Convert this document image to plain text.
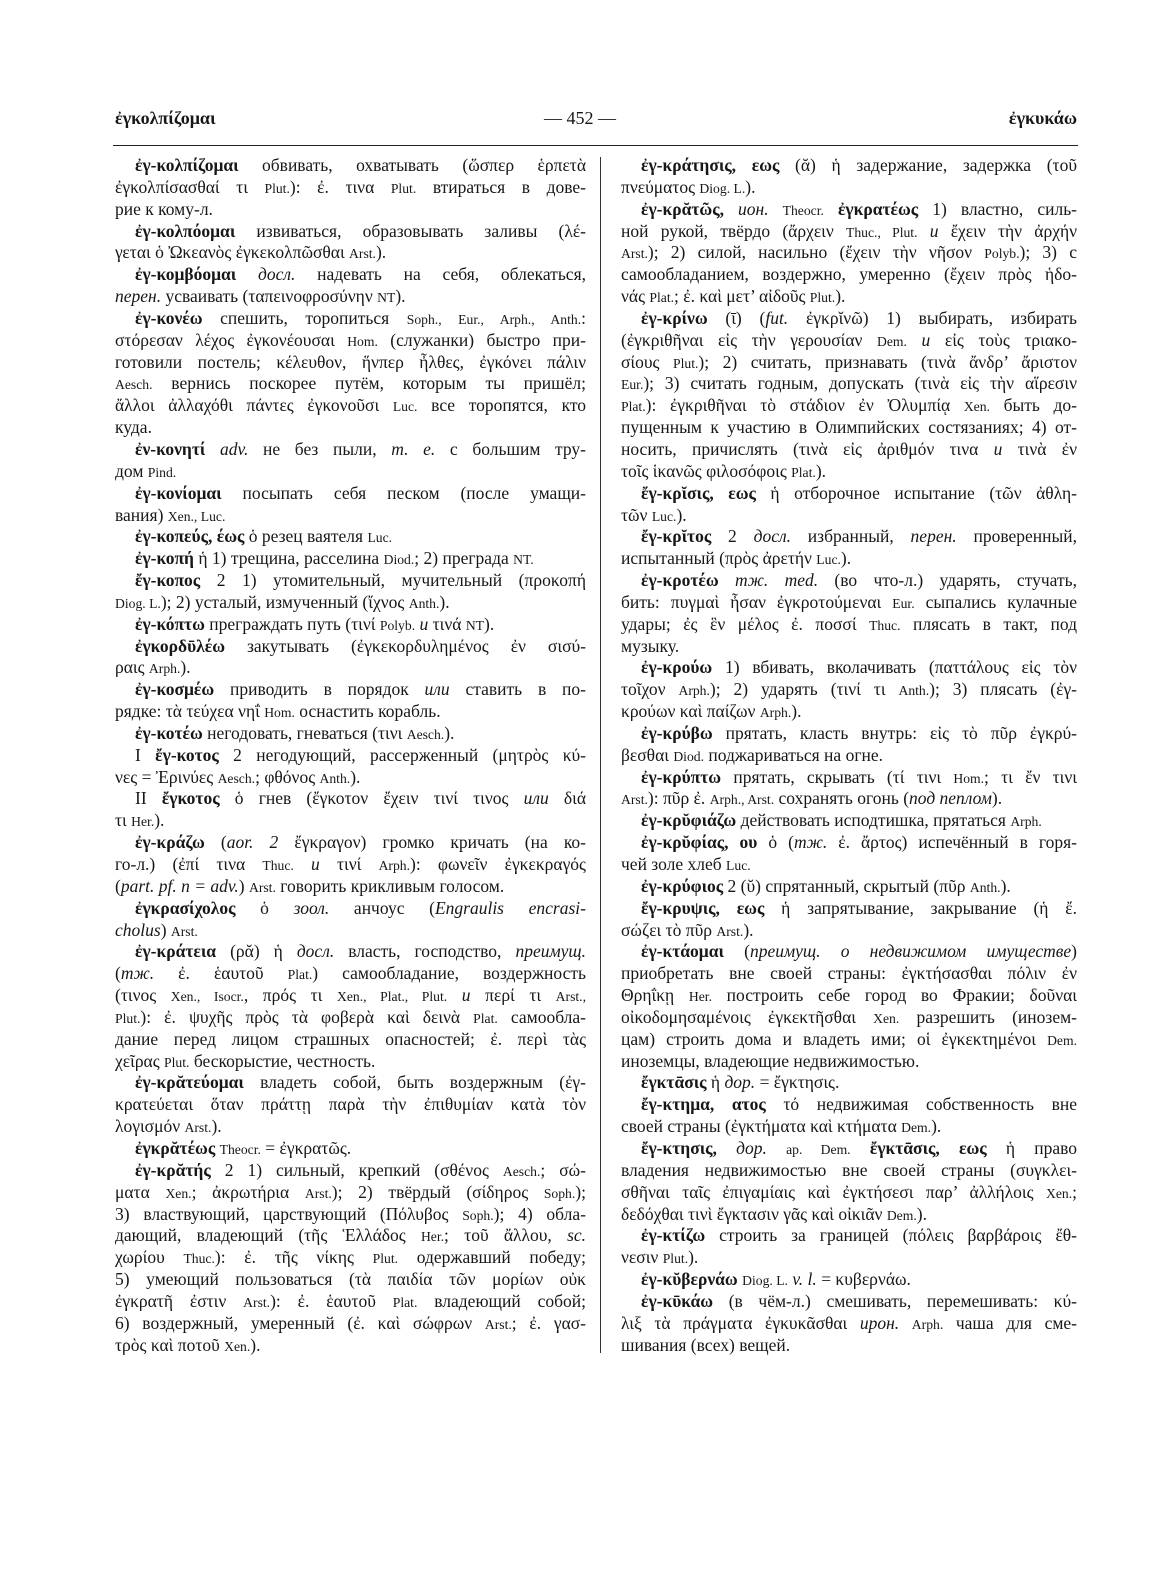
ἐγκολπίζομαι	— 452 —	ἐγκυκάω
ἐγ-κολπίζομαι обвивать, охватывать (ὥσπερ ἑρπετὰ
ἐγκολπίσασθαί τι Plut.): ἐ. τινα Plut. втираться в дове-
рие к кому-л.
ἐγ-κολπόομαι извиваться, образовывать заливы (λέ-
γεται ὁ Ὠκεανὸς ἐγκεκολπῶσθαι Arst.).
ἐγ-κομβόομαι досл. надевать на себя, облекаться,
перен. усваивать (ταπεινοφροσύνην NT).
ἐγ-κονέω спешить, торопиться Soph., Eur., Arph., Anth.:
στόρεσαν λέχος ἐγκονέουσαι Hom. (служанки) быстро при-
готовили постель; κέλευθον, ἥνπερ ἦλθες, ἐγκόνει πάλιν
Aesch. вернись поскорее путём, которым ты пришёл;
ἄλλοι ἀλλαχόθι πάντες ἐγκονοῦσι Luc. все торопятся, кто
куда.
ἐν-κονητί adv. не без пыли, т. е. с большим тру-
дом Pind.
ἐγ-κονίομαι посыпать себя песком (после умащи-
вания) Xen., Luc.
ἐγ-κοπεύς, έως ὁ резец ваятеля Luc.
ἐγ-κοπή ἡ 1) трещина, расселина Diod.; 2) преграда NT.
ἔγ-κοπος 2 1) утомительный, мучительный (προκοπή
Diog. L.); 2) усталый, измученный (ἴχνος Anth.).
ἐγ-κόπτω преграждать путь (τινί Polyb. и τινά NT).
ἐγκορδῡλέω закутывать (ἐγκεκορδυλημένος ἐν σισύ-
ραις Arph.).
ἐγ-κοσμέω приводить в порядок или ставить в по-
рядке: τὰ τεύχεα νηΐ Hom. оснастить корабль.
ἐγ-κοτέω негодовать, гневаться (τινι Aesch.).
I ἔγ-κοτος 2 негодующий, рассерженный (μητρὸς κύ-
νες = Ἐρινύες Aesch.; φθόνος Anth.).
II ἔγκοτος ὁ гнев (ἔγκοτον ἔχειν τινί τινος или διά
τι Her.).
ἐγ-κράζω (aor. 2 ἔγκραγον) громко кричать (на ко-
го-л.) (ἐπί τινα Thuc. и τινί Arph.): φωνεῖν ἐγκεκραγός
(part. pf. n = adv.) Arst. говорить крикливым голосом.
ἐγκρασίχολος ὁ зоол. анчоус (Engraulis encrasi-
cholus) Arst.
ἐγ-κράτεια (ρᾰ) ἡ досл. власть, господство, преимущ.
(тж. ἐ. ἑαυτοῦ Plat.) самообладание, воздержность
(τινος Xen., Isocr., πρός τι Xen., Plat., Plut. и περί τι Arst.,
Plut.): ἐ. ψυχῆς πρὸς τὰ φοβερὰ καὶ δεινὰ Plat. самообла-
дание перед лицом страшных опасностей; ἐ. περὶ τὰς
χεῖρας Plut. бескорыстие, честность.
ἐγ-κρᾰτεύομαι владеть собой, быть воздержным (ἐγ-
κρατεύεται ὅταν πράττῃ παρὰ τὴν ἐπιθυμίαν κατὰ τὸν
λογισμόν Arst.).
ἐγκρᾰτέως Theocr. = ἐγκρατῶς.
ἐγ-κρᾰτής 2 1) сильный, крепкий (σθένος Aesch.; σώ-
ματα Xen.; ἀκρωτήρια Arst.); 2) твёрдый (σίδηρος Soph.);
3) властвующий, царствующий (Πόλυβος Soph.); 4) обла-
дающий, владеющий (τῆς Ἑλλάδος Her.; τοῦ ἄλλου, sc.
χωρίου Thuc.): ἐ. τῆς νίκης Plut. одержавший победу;
5) умеющий пользоваться (τὰ παιδία τῶν μορίων οὐκ
ἐγκρατῆ ἐστιν Arst.): ἐ. ἑαυτοῦ Plat. владеющий собой;
6) воздержный, умеренный (ἐ. καὶ σώφρων Arst.; ἐ. γασ-
τρὸς καὶ ποτοῦ Xen.).
ἐγ-κράτησις, εως (ᾰ) ἡ задержание, задержка (τοῦ
πνεύματος Diog. L.).
ἐγ-κρᾰτῶς, ион. Theocr. ἐγκρατέως 1) властно, силь-
ной рукой, твёрдо (ἄρχειν Thuc., Plut. и ἔχειν τὴν ἀρχήν
Arst.); 2) силой, насильно (ἔχειν τὴν νῆσον Polyb.); 3) с
самообладанием, воздержно, умеренно (ἔχειν πρὸς ἡδο-
νάς Plat.; ἐ. καὶ μετ’ αἰδοῦς Plut.).
ἐγ-κρίνω (ῑ) (fut. ἐγκρῐνῶ) 1) выбирать, избирать
(ἐγκριθῆναι εἰς τὴν γερουσίαν Dem. и εἰς τοὺς τριακο-
σίους Plut.); 2) считать, признавать (τινὰ ἄνδρ’ ἄριστον
Eur.); 3) считать годным, допускать (τινὰ εἰς τὴν αἵρεσιν
Plat.): ἐγκριθῆναι τὸ στάδιον ἐν Ὀλυμπίᾳ Xen. быть до-
пущенным к участию в Олимпийских состязаниях; 4) от-
носить, причислять (τινὰ εἰς ἀριθμόν τινα и τινὰ ἐν
τοῖς ἱκανῶς φιλοσόφοις Plat.).
ἔγ-κρῐσις, εως ἡ отборочное испытание (τῶν ἀθλη-
τῶν Luc.).
ἔγ-κρῐτος 2 досл. избранный, перен. проверенный,
испытанный (πρὸς ἀρετήν Luc.).
ἐγ-κροτέω тж. med. (во что-л.) ударять, стучать,
бить: πυγμαὶ ἦσαν ἐγκροτούμεναι Eur. сыпались кулачные
удары; ἐς ἓν μέλος ἐ. ποσσί Thuc. плясать в такт, под
музыку.
ἐγ-κρούω 1) вбивать, вколачивать (παττάλους εἰς τὸν
τοῖχον Arph.); 2) ударять (τινί τι Anth.); 3) плясать (ἐγ-
κρούων καὶ παίζων Arph.).
ἐγ-κρύβω прятать, класть внутрь: εἰς τὸ πῦρ ἐγκρύ-
βεσθαι Diod. поджариваться на огне.
ἐγ-κρύπτω прятать, скрывать (τί τινι Hom.; τι ἔν τινι
Arst.): πῦρ ἐ. Arph., Arst. сохранять огонь (под пеплом).
ἐγ-κρῠφιάζω действовать исподтишка, прятаться Arph.
ἐγ-κρῠφίας, ου ὁ (тж. ἐ. ἄρτος) испечённый в горя-
чей золе хлеб Luc.
ἐγ-κρύφιος 2 (ῠ) спрятанный, скрытый (πῦρ Anth.).
ἔγ-κρυψις, εως ἡ запрятывание, закрывание (ἡ ἔ.
σώζει τὸ πῦρ Arst.).
ἐγ-κτάομαι (преимущ. о недвижимом имуществе)
приобретать вне своей страны: ἐγκτήσασθαι πόλιν ἐν
Θρηΐκῃ Her. построить себе город во Фракии; δοῦναι
οἰκοδομησαμένοις ἐγκεκτῆσθαι Xen. разрешить (инозем-
цам) строить дома и владеть ими; οἱ ἐγκεκτημένοι Dem.
иноземцы, владеющие недвижимостью.
ἔγκτᾱσις ἡ дор. = ἔγκτησις.
ἔγ-κτημα, ατος τό недвижимая собственность вне
своей страны (ἐγκτήματα καὶ κτήματα Dem.).
ἔγ-κτησις, дор. ap. Dem. ἔγκτᾱσις, εως ἡ право
владения недвижимостью вне своей страны (συγκλει-
σθῆναι ταῖς ἐπιγαμίαις καὶ ἐγκτήσεσι παρ’ ἀλλήλοις Xen.;
δεδόχθαι τινὶ ἔγκτασιν γᾶς καὶ οἰκιᾶν Dem.).
ἐγ-κτίζω строить за границей (πόλεις βαρβάροις ἔθ-
νεσιν Plut.).
ἐγ-κῠβερνάω Diog. L. v. l. = κυβερνάω.
ἐγ-κῡκάω (в чём-л.) смешивать, перемешивать: κύ-
λιξ τὰ πράγματα ἐγκυκᾶσθαι ирон. Arph. чаша для сме-
шивания (всех) вещей.
